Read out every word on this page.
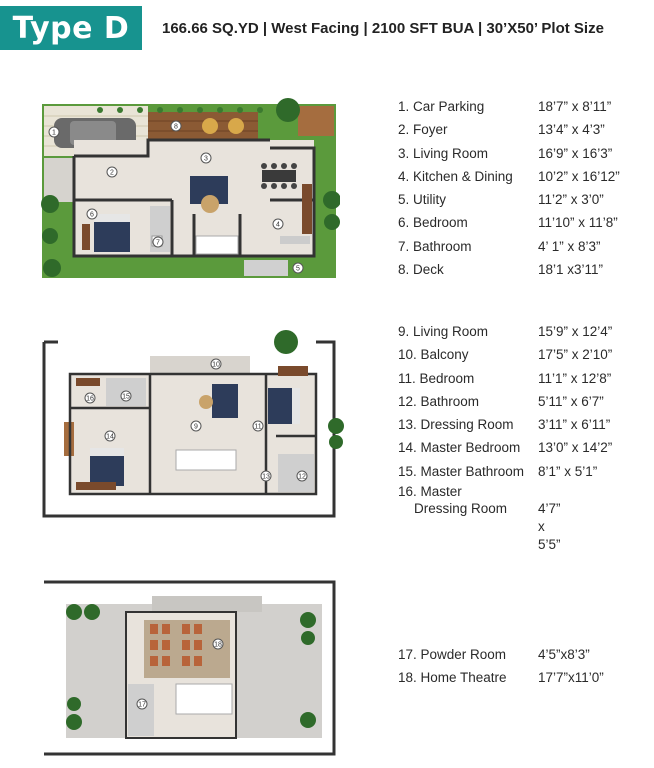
Type D	166.66 SQ.YD | West Facing | 2100 SFT BUA | 30’X50’ Plot Size
1
2
3
4
5
6
7
8
1. Car Parking	18’7” x 8’11”
2. Foyer	13’4” x 4’3”
3. Living Room	16’9” x 16’3”
4. Kitchen & Dining 10’2” x 16’12”
5. Utility	11’2” x 3’0”
6. Bedroom	11’10” x 11’8”
7. Bathroom	4’ 1” x 8’3”
8. Deck	18’1 x3’11”
9
10
11
12
13
14
15
16
9. Living Room	15’9” x 12’4”
10. Balcony	17’5” x 2’10”
11. Bedroom	11’1” x 12’8”
12. Bathroom	5’11” x 6’7”
13. Dressing Room 3’11” x 6’11”
14. Master Bedroom 13’0” x 14’2”
15. Master Bathroom 8’1” x 5’1”
16. Master
Dressing Room 4’7” x 5’5”
17
18
17. Powder Room 4’5”x8’3”
18. Home Theatre 17’7”x11’0”
